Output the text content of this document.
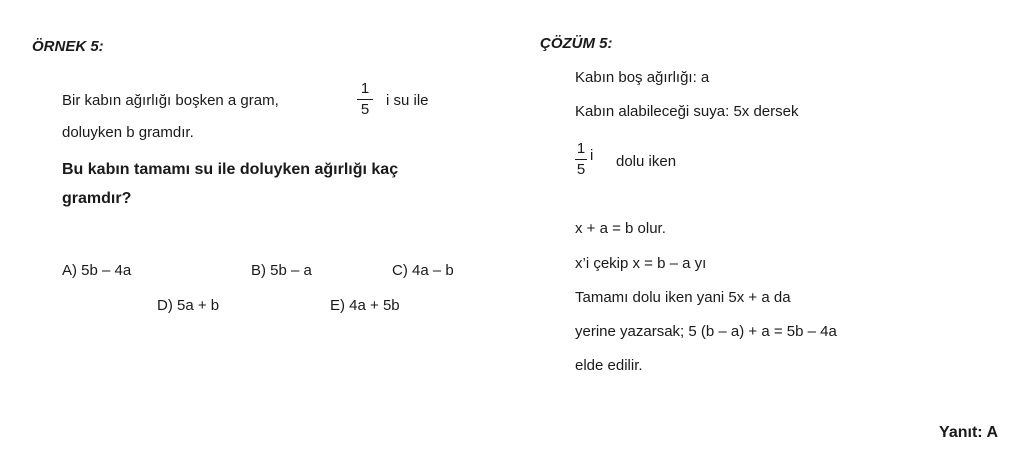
ÖRNEK 5:
Bir kabın ağırlığı boşken a gram,
1
5
i su ile
doluyken b gramdır.
Bu kabın tamamı su ile doluyken ağırlığı kaç
gramdır?
A) 5b – 4a	B) 5b – a	C) 4a – b
D) 5a + b	E) 4a + 5b
ÇÖZÜM 5:
Kabın boş ağırlığı: a
Kabın alabileceği suya: 5x dersek
1
5
i dolu iken
x + a = b olur.
x’i çekip x = b – a yı
Tamamı dolu iken yani 5x + a da
yerine yazarsak; 5 (b – a) + a = 5b – 4a
elde edilir.
Yanıt: A
